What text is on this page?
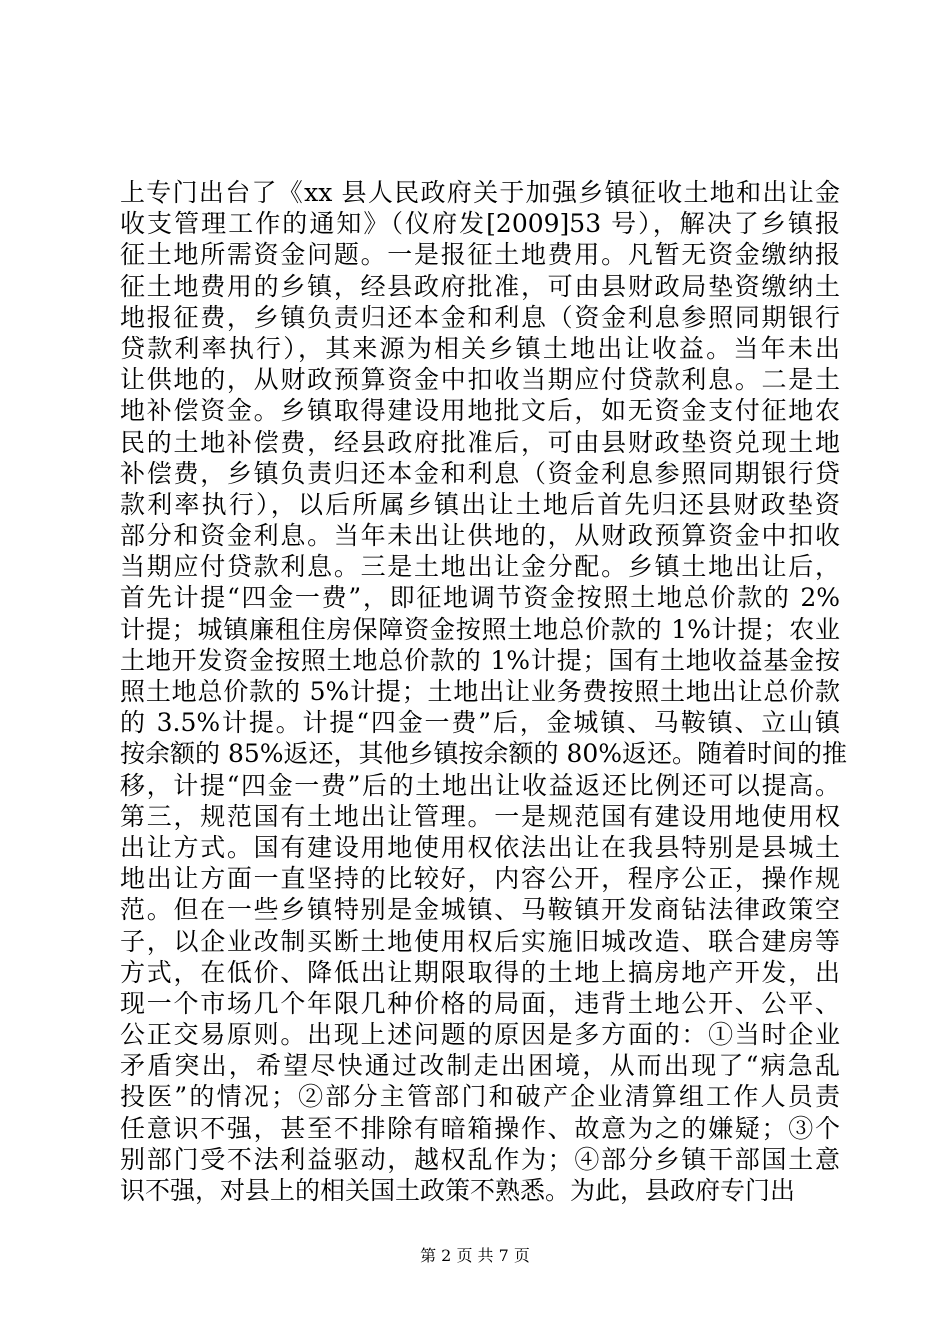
上专门出台了《xx 县人民政府关于加强乡镇征收土地和出让金
收支管理工作的通知》（仪府发[2009]53 号），解决了乡镇报
征土地所需资金问题。一是报征土地费用。凡暂无资金缴纳报
征土地费用的乡镇，经县政府批准，可由县财政局垫资缴纳土
地报征费，乡镇负责归还本金和利息（资金利息参照同期银行
贷款利率执行），其来源为相关乡镇土地出让收益。当年未出
让供地的，从财政预算资金中扣收当期应付贷款利息。二是土
地补偿资金。乡镇取得建设用地批文后，如无资金支付征地农
民的土地补偿费，经县政府批准后，可由县财政垫资兑现土地
补偿费，乡镇负责归还本金和利息（资金利息参照同期银行贷
款利率执行），以后所属乡镇出让土地后首先归还县财政垫资
部分和资金利息。当年未出让供地的，从财政预算资金中扣收
当期应付贷款利息。三是土地出让金分配。乡镇土地出让后，
首先计提“四金一费”，即征地调节资金按照土地总价款的 2%
计提；城镇廉租住房保障资金按照土地总价款的 1%计提；农业
土地开发资金按照土地总价款的 1%计提；国有土地收益基金按
照土地总价款的 5%计提；土地出让业务费按照土地出让总价款
的 3.5%计提。计提“四金一费”后，金城镇、马鞍镇、立山镇
按余额的 85%返还，其他乡镇按余额的 80%返还。随着时间的推
移，计提“四金一费”后的土地出让收益返还比例还可以提高。
第三，规范国有土地出让管理。一是规范国有建设用地使用权
出让方式。国有建设用地使用权依法出让在我县特别是县城土
地出让方面一直坚持的比较好，内容公开，程序公正，操作规
范。但在一些乡镇特别是金城镇、马鞍镇开发商钻法律政策空
子，以企业改制买断土地使用权后实施旧城改造、联合建房等
方式，在低价、降低出让期限取得的土地上搞房地产开发，出
现一个市场几个年限几种价格的局面，违背土地公开、公平、
公正交易原则。出现上述问题的原因是多方面的：①当时企业
矛盾突出，希望尽快通过改制走出困境，从而出现了“病急乱
投医”的情况；②部分主管部门和破产企业清算组工作人员责
任意识不强，甚至不排除有暗箱操作、故意为之的嫌疑；③个
别部门受不法利益驱动，越权乱作为；④部分乡镇干部国土意
识不强，对县上的相关国土政策不熟悉。为此，县政府专门出
第 2 页 共 7 页
